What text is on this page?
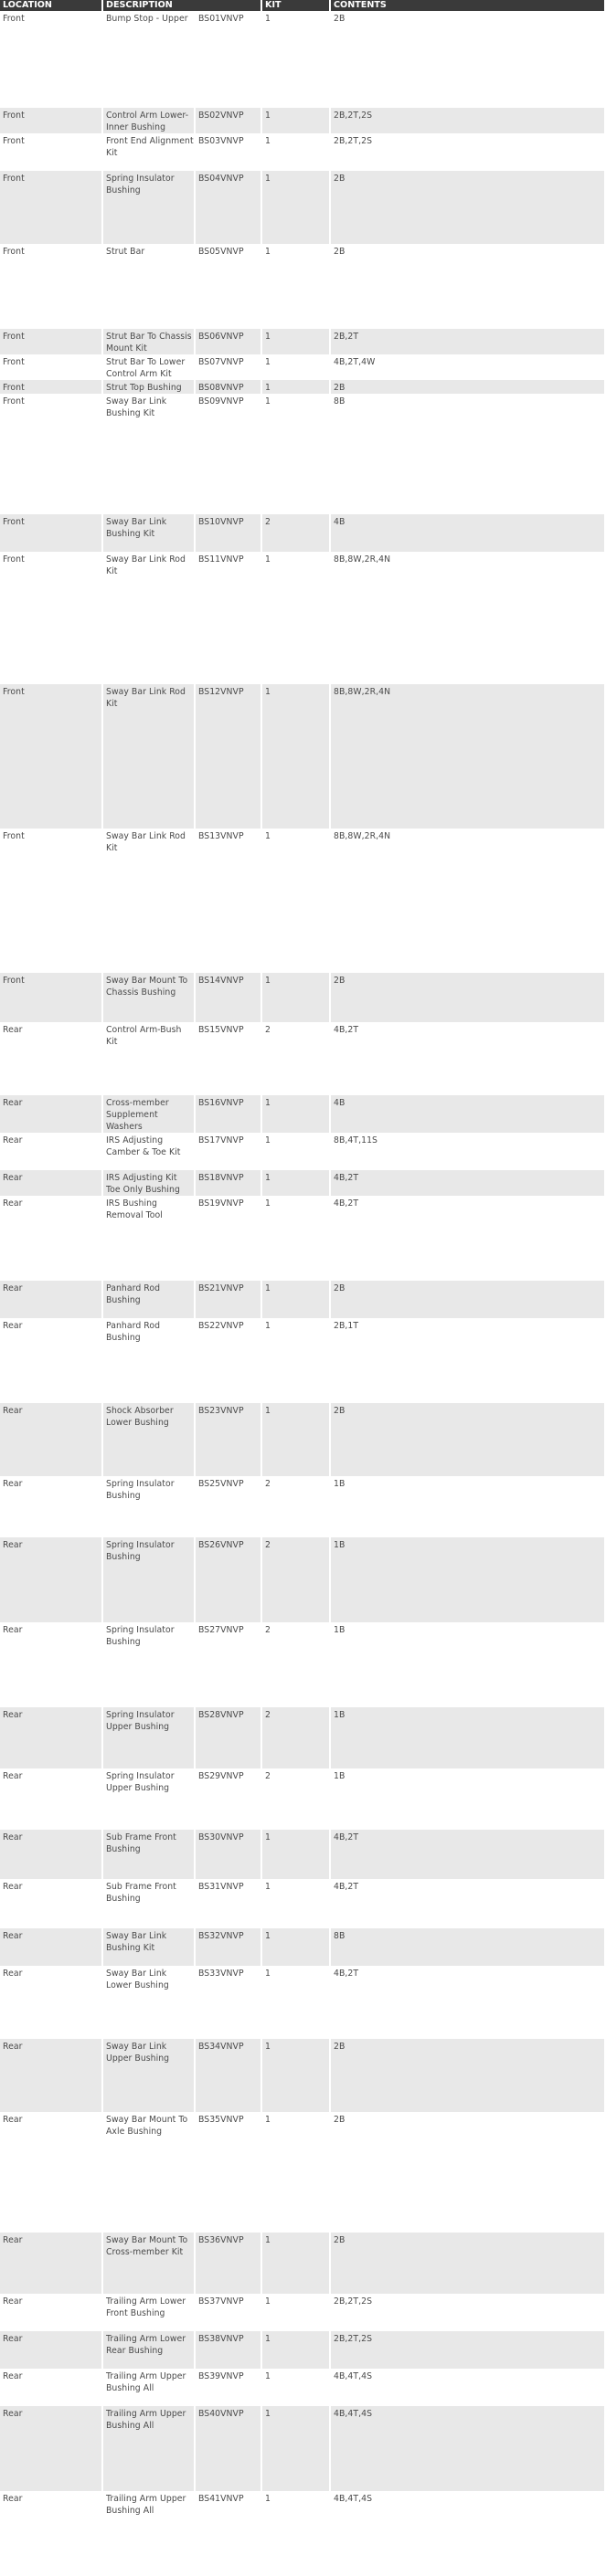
LOCATION	DESCRIPTION		KIT	CONTENTS	
Front	Bump Stop - Upper	BS01VNVP	1	2B	
Front	Control Arm Lower-Inner Bushing	BS02VNVP	1	2B,2T,2S	
Front	Front End Alignment Kit	BS03VNVP	1	2B,2T,2S	
Front	Spring Insulator Bushing	BS04VNVP	1	2B	
Front	Strut Bar	BS05VNVP	1	2B	
Front	Strut Bar To Chassis Mount Kit	BS06VNVP	1	2B,2T	
Front	Strut Bar To Lower Control Arm Kit	BS07VNVP	1	4B,2T,4W	
Front	Strut Top Bushing	BS08VNVP	1	2B	
Front	Sway Bar Link Bushing Kit	BS09VNVP	1	8B	
Front	Sway Bar Link Bushing Kit	BS10VNVP	2	4B	
Front	Sway Bar Link Rod Kit	BS11VNVP	1	8B,8W,2R,4N	
Front	Sway Bar Link Rod Kit	BS12VNVP	1	8B,8W,2R,4N	
Front	Sway Bar Link Rod Kit	BS13VNVP	1	8B,8W,2R,4N	
Front	Sway Bar Mount To Chassis Bushing	BS14VNVP	1	2B	
Rear	Control Arm-Bush Kit	BS15VNVP	2	4B,2T	
Rear	Cross-member Supplement Washers	BS16VNVP	1	4B	
Rear	IRS Adjusting Camber & Toe Kit	BS17VNVP	1	8B,4T,11S	
Rear	IRS Adjusting Kit Toe Only Bushing	BS18VNVP	1	4B,2T	
Rear	IRS Bushing Removal Tool	BS19VNVP	1	4B,2T	
Rear	Panhard Rod Bushing	BS21VNVP	1	2B	
Rear	Panhard Rod Bushing	BS22VNVP	1	2B,1T	
Rear	Shock Absorber Lower Bushing	BS23VNVP	1	2B	
Rear	Spring Insulator Bushing	BS25VNVP	2	1B	
Rear	Spring Insulator Bushing	BS26VNVP	2	1B	
Rear	Spring Insulator Bushing	BS27VNVP	2	1B	
Rear	Spring Insulator Upper Bushing	BS28VNVP	2	1B	
Rear	Spring Insulator Upper Bushing	BS29VNVP	2	1B	
Rear	Sub Frame Front Bushing	BS30VNVP	1	4B,2T	
Rear	Sub Frame Front Bushing	BS31VNVP	1	4B,2T	
Rear	Sway Bar Link Bushing Kit	BS32VNVP	1	8B	
Rear	Sway Bar Link Lower Bushing	BS33VNVP	1	4B,2T	
Rear	Sway Bar Link Upper Bushing	BS34VNVP	1	2B	
Rear	Sway Bar Mount To Axle Bushing	BS35VNVP	1	2B	
Rear	Sway Bar Mount To Cross-member Kit	BS36VNVP	1	2B	
Rear	Trailing Arm Lower Front Bushing	BS37VNVP	1	2B,2T,2S	
Rear	Trailing Arm Lower Rear Bushing	BS38VNVP	1	2B,2T,2S	
Rear	Trailing Arm Upper Bushing All	BS39VNVP	1	4B,4T,4S	
Rear	Trailing Arm Upper Bushing All	BS40VNVP	1	4B,4T,4S	
Rear	Trailing Arm Upper Bushing All	BS41VNVP	1	4B,4T,4S	
